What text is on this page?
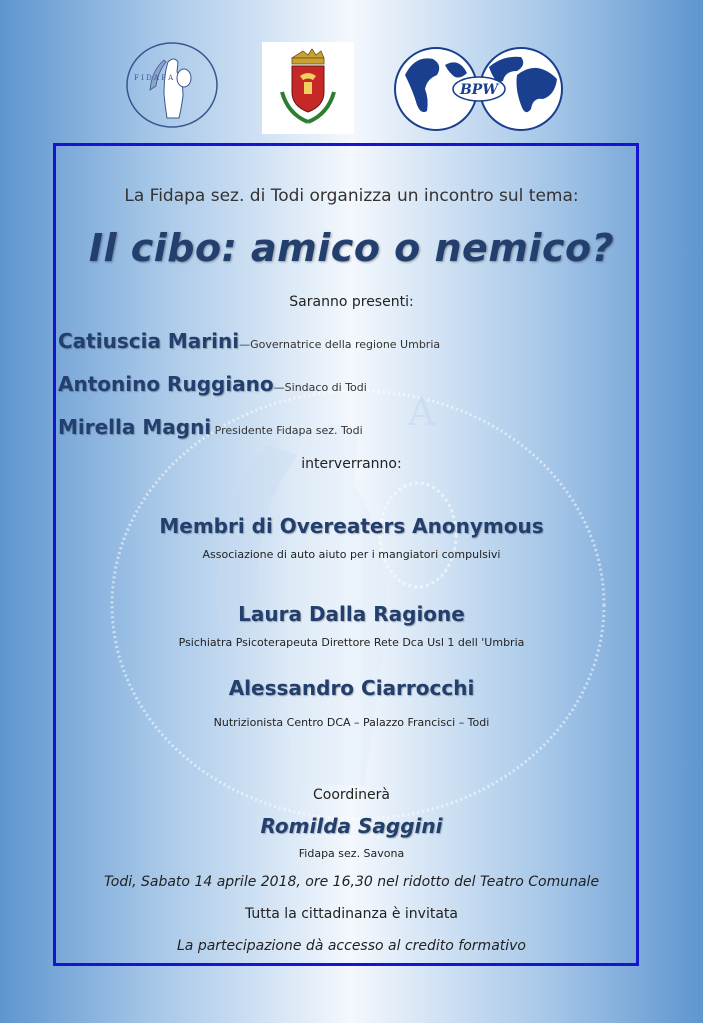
F I D A P A
BPW
A
La Fidapa sez. di Todi organizza un incontro sul tema:
Il cibo: amico o nemico?
Saranno presenti:
Catiuscia Marini—Governatrice della regione Umbria
Antonino Ruggiano—Sindaco di Todi
Mirella Magni Presidente Fidapa sez. Todi
interverranno:
Membri di Overeaters Anonymous
Associazione di auto aiuto per i mangiatori compulsivi
Laura Dalla Ragione
Psichiatra Psicoterapeuta Direttore Rete Dca Usl 1 dell 'Umbria
Alessandro Ciarrocchi
Nutrizionista Centro DCA – Palazzo Francisci – Todi
Coordinerà
Romilda Saggini
Fidapa sez. Savona
Todi, Sabato 14 aprile 2018, ore 16,30 nel ridotto del Teatro Comunale
Tutta la cittadinanza è invitata
La partecipazione dà accesso al credito formativo
